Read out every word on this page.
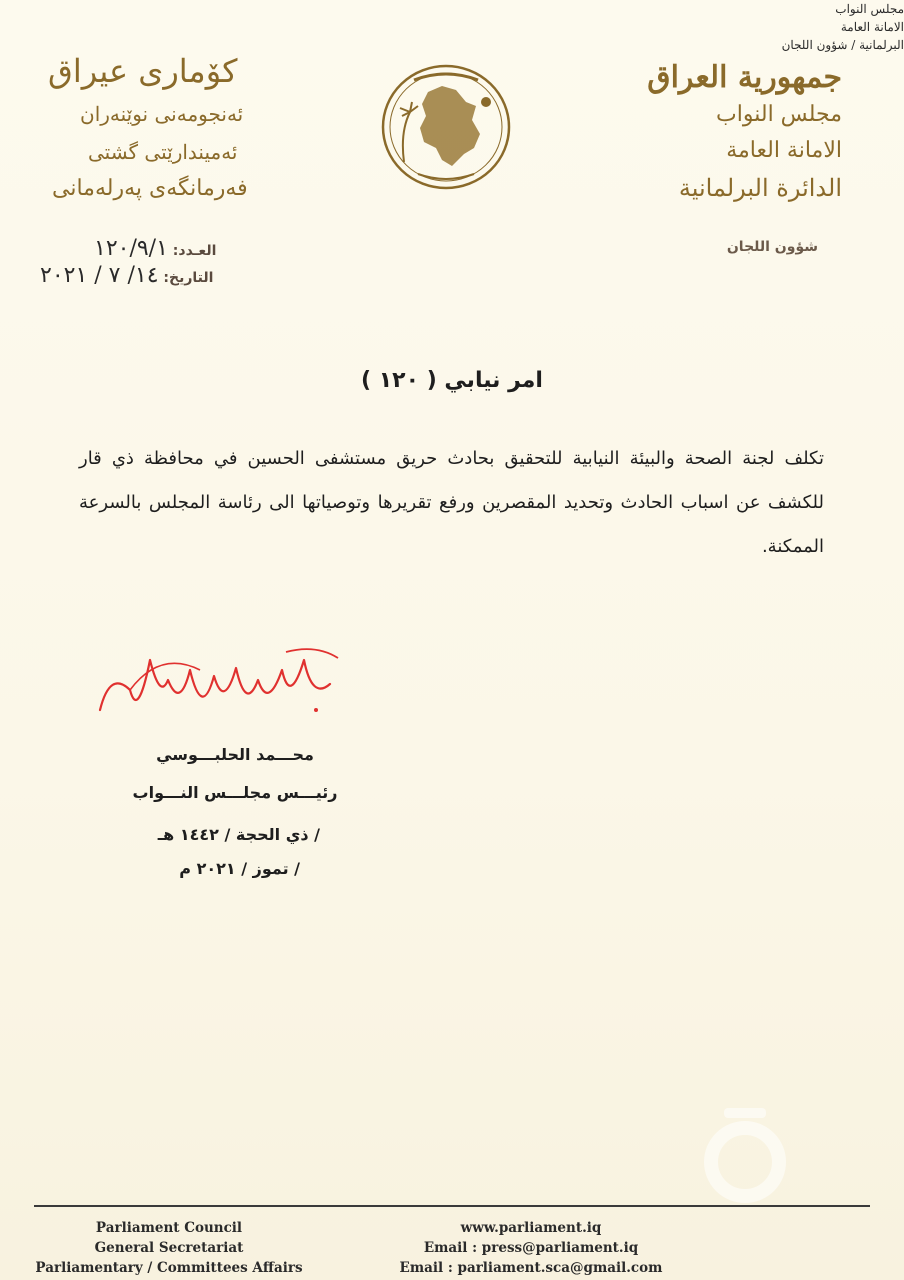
جمهورية العراق
مجلس النواب
الامانة العامة
الدائرة البرلمانية
شؤون اللجان
کۆماری عیراق
ئەنجومەنی نوێنەران
ئەمیندارێتی گشتی
فەرمانگەی پەرلەمانی
العـدد: ١٢٠/٩/١
التاريخ: ١٤/ ٧ / ٢٠٢١
امر نيابي ( ١٢٠ )
تكلف لجنة الصحة والبيئة النيابية للتحقيق بحادث حريق مستشفى الحسين في محافظة ذي قار للكشف عن اسباب الحادث وتحديد المقصرين ورفع تقريرها وتوصياتها الى رئاسة المجلس بالسرعة الممكنة.
محـــمد الحلبـــوسي
رئيـــس مجلـــس النـــواب
/ ذي الحجة / ١٤٤٢ هـ
/ تموز / ٢٠٢١ م
Parliament Council
General Secretariat
Parliamentary / Committees Affairs
www.parliament.iq
Email : press@parliament.iq
Email : parliament.sca@gmail.com
مجلس النواب
الامانة العامة
البرلمانية / شؤون اللجان
